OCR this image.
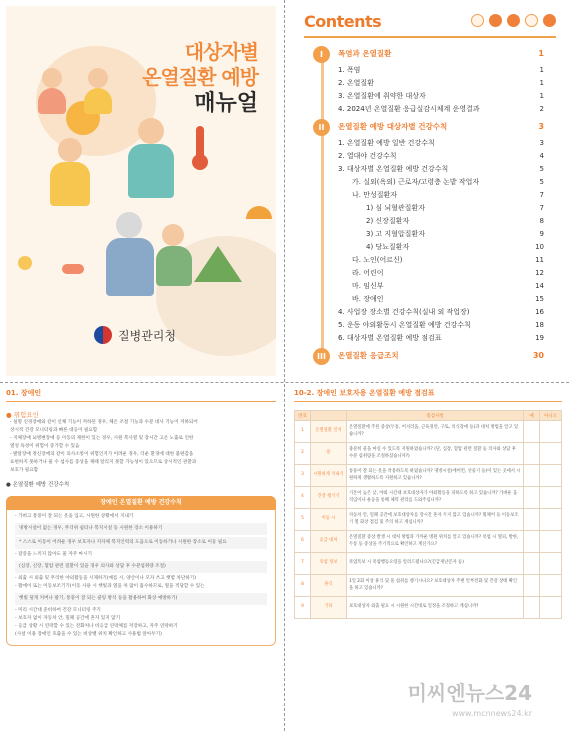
대상자별
온열질환 예방
매뉴얼
질병관리청
Contents
I	폭염과 온열질환	1
1. 폭염	1
2. 온열질환	1
3. 온열질환에 취약한 대상자	1
4. 2024년 온열질환 응급실감시체계 운영결과	2
II	온열질환 예방 대상자별 건강수칙	3
1. 온열질환 예방 일반 건강수칙	3
2. 열대야 건강수칙	4
3. 대상자별 온열질환 예방 건강수칙	5
가. 실외(옥외) 근로자/고령층 논밭 작업자	5
나. 만성질환자	7
1) 심 뇌혈관질환자	7
2) 신장질환자	8
3) 고 지혈압질환자	9
4) 당뇨질환자	10
다. 노인(어르신)	11
라. 어린이	12
마. 임신부	14
바. 장애인	15
4. 사업장 장소별 건강수칙(실내 외 작업장)	16
5. 운동 야외활동시 온열질환 예방 건강수칙	18
6. 대상자별 온열질환 예방 점검표	19
III	온열질환 응급조치	30
01. 장애인
● 위험요인

- 실명 신경장애와 같이 신체 기능이 저하된 경우, 체온 조절 기능과 수분 대사 기능이 저하되어

상시적 건강 모니터링과 빠른 대응이 필요함

- 지체장애 뇌병변장애 등 이동의 제한이 있는 경우, 시원 복사열 및 장시간 고온 노출로 인한

열성 독성이 위험이 증가할 수 있음

- 발달장애 정신장애의 같이 의사소통이 위험인지가 어려운 경우, 더운 환경에 대한 불편감을

표현하지 못하거나 물 수 섭사를 증상을 제때 알리지 못할 가능성이 있으므로 상시적인 관찰과

보호가 필요함

● 온열질환 예방 건강수칙
장애인 온열질환 예방 건강수칙

- 가벼고 통풍이 잘 되는 옷을 입고, 시원한 상황에서 지내기

냉방시설이 없는 경우, 무더위 쉼터나 복지시설 등 시원한 장소 이용하기

* 스스로 이동이 어려운 경우 보호자나 지자체 복지인력의 도움으로 이동하거나 시원한 장소로 이동 필요

- 갈증을 느끼지 않아도 물 자주 마시기

(심장, 신장, 혈압 관련 질환이 있을 경우 의사와 상담 후 수분섭취량 조절)

- 외출 시 외출 및 무리한 야외활동을 시제하기(예를 시, 양산이나 모자 쓰고 햇볕 차단하기)

- 활에이 또는 이동보조기기(이동 사용 시 햇빛과 열을 차 많이 흡수하므로, 열을 적당할 수 있는

햇빛 덮개 커버나 팔기, 통풍이 잘 되는 쿨링 방석 등을 활용하여 화상 예방하기)

- 미리 시간대 준비하여 건강 모니터링 주기

- 보호자 없이 자동차 안, 밀폐 공간에 혼자 있지 않기

- 응급 상황 시 연락할 수 있는 전화처나 비응급 연락체를 저장하고, 자주 연락하기

(사설 이용 장애인 호출을 수 있는 비상벨 위치 확인하고 사용법 알아두기)

10-2. 장애인 보호자용 온열질환 예방 점검표
번호		점검사항	예	아니오
1	온열질환 인지	온열질환에 주된 증상(두통, 어지러움, 근육경련, 구토, 의식장애 등)과 대처 방법을 알고 있습니까?		
2	물	충분히 물을 마실 수 있도록 지원하였습니까? (단, 심장, 혈압 관련 질환 등 의사와 상담 후 수분 섭취량을 조절하셨습니까?)		
3	시원하게 지내기	통풍이 잘 되는 옷을 착용하도록 하였습니까? 냉방시설(에어컨, 선풍기 등)이 있는 곳에서 시원하게 생활하도록 지원하고 있습니까?		
4	건강 챙기기	기온이 높은 낮, 야외 시간대 보호대상자가 야외활동을 피하도록 하고 있습니까? 가벼운 움직임이나 운동을 통해 체력 관리를 도와주십니까?		
5	이동 시	자동차 안, 밀폐 공간에 보호대상자를 장시간 혼자 두지 않고 있습니까? 휠체어 등 이동보조기 열 화상 점검 및 주의 하고 계십니까?		
6	응급 대처	온열질환 증상 발생 시 대처 방법과 가까운 병원 위치를 알고 있습니까? 폭염 시 열피, 발한, 두통 등 증상을 주기적으로 확인하고 계신가요?		
7	폭염 정보	폭염특보 시 폭염행동요령을 알려드렸나요?(긴급재난문자 등)		
8	휴식	1일 2회 이상 휴식 및 물 섭취를 챙기시나요? 보호대상자 주변 안부전화 및 건강 상태 확인을 하고 있습니까?		
9	기타	보호대상자 외출 필요 시 시원한 시간대로 일정을 조정하고 계십니까?		
미씨엔뉴스24
www.mcnnews24.kr
